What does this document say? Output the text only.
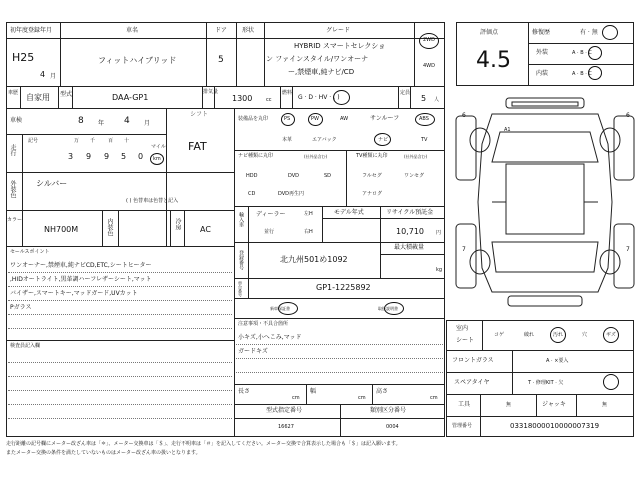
初年度登録年月
H25
4 月
車名
フィットハイブリッド
ドア
5
形状	グレード
HYBRID スマートセレクショ
ン ファインスタイル/ワンオーナ
ー,禁煙車,純ナビ/CD
2WD
4WD
車歴 自家用 型式	DAA-GP1
排気量
1300	cc
燃料
G · D · HV · ( )
定員
5 人
車検	8 年 4 月
シフト
FAT
走行
記号	万 千	百 十
3 9 9 5 0
マイル
km
外装色	シルバー
( ) 色替車は色替と記入
カラー
NH700M	内装色	冷房 AC
セールスポイント
ワンオーナー,禁煙車,純ナビCD,ETC,シートヒーター
,HIDオートライト,黒革調ハーフレザーシート,マット
バイザー,スマートキー,マッドガード,UVカット
Pガラス
検査員記入欄
装備品を丸印	PS	PW	AW	サンルーフ	ABS
本革	エアバック	ナビ	TV
ナビ種類に丸印	(社外品含む)
HDD	DVD	SD
CD	DVD再生円
TV種類に丸印	(社外品含む)
フルセグ	ワンセグ
アナログ
輸入車 ディーラー	左H
並行	右H
モデル年式	リサイクル預託金
10,710 円
登録番号	北九州501め1092
最大積載量
kg
車台番号	GP1-1225892
新車保証書	取扱説明書
注意事項・不具合箇所
小キズ,小へこみ,マッド
ガードキズ
長さ
cm
幅
cm
高さ
cm
型式指定番号
16627
類別区分番号
0004
評価点
4.5
修復歴	有 · 無
外装	A · B · C
内装	A · B · C
6	6
7	7
A1
室内
シート
コゲ	破れ	汚れ	穴	ギズ
フロントガラス	A · ×要入
スペアタイヤ	T · 修理KIT · 欠
工具	無	ジャッキ	無
管理番号	03318000010000007319
走行距離の記号欄にメーター改ざん車は「＊」、メーター交換車は「＄」、走行不明車は「＃」を記入してください。メーター交換で合算表示した場合も「＄」は記入願います。
またメーター交換の条件を満たしていないものはメーター改ざん車の扱いとなります。
